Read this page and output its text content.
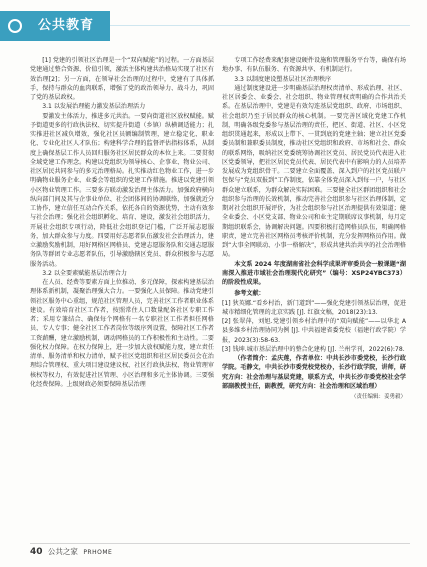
公共教育

[1] 党建的引领社区治理是一个“双向赋能”的过程。一方面基层党建通过整合资源、价值引领，激活主体构建共治格局实现了社区有效治理[2]；另一方面，在领导社会治理的过程中，党建有了具体抓手，保持与群众的血肉联系，增强了党的政治领导力、战斗力，巩固了党的基层政权。

3.1 以发展治理能力激发基层治理活力

要激发主体活力，推进多元共治。一要向街道社区放权赋能。赋予街道更多的行政执法权、切实提升街道（乡镇）纵横调适能力；扎实推进社区减负增效，强化社区员额编制管理，建立稳定化、职业化、专业化社区人才队伍；构建科学合理的监督评估指标体系，从制度上确保基层工作人员回归服务社区居民群众的本位上来。二要贯彻全域党建工作理念。构建以党组织为领导核心、企事业、物业公司、社区居民共同参与的多元治理格局。扎实推动红色物业工作，进一步明确物业服务企业、业委会等组织的党建工作措施。推进以党建引领小区物业管理工作。三要多方联动激发治理主体活力。加强政府横向纵向部门间及其与企事业单位、社会团体间的协调联络，加强就近分工协作，建立信任互动合作关系，依托各自的资源优势，主动有效参与社会治理；强化社会组织孵化、培育、建设，激发社会组织活力，开展社会组织专项行动，降低社会组织登记门槛，广泛开展志愿服务，加大群众参与力度。四要用好志愿者队伍激发社会治理活力，建立激励奖励机制，用好网格区网格员、党建志愿服务队和交通志愿服务队等群团专业志愿者队伍，引导激励辖区党员、群众积极参与志愿服务活动。

3.2 以全要素赋能基层治理合力

在人员、经费等要素方面上位推动、多元保障，探索构建基层治理体系新机制，凝聚治理强大合力。一要强化人员保障。推动党建引领社区服务中心重组，规范社区管理人员，完善社区工作者职业体系建设。有效培育社区工作者，按照常住人口数量配备社区专职工作者；采用专兼结合、确保每个网格有一名专职社区工作者担任网格员、专人专事；健全社区工作者岗位等级序列设置，保障社区工作者工资薪酬，建立激励机制，调动网格员的工作积极性和主动性。二要强化权力保障。在权力保障上，进一步加大放权赋能力度，建立责任清单、服务清单和权力清单，赋予社区党组织和社区居民委员会在治理综合管理权、重大项目建设建议权、社区行政执法权、物业管理审核权等权力，有效促进社区管理、小区治理和多元主体协调。三要强化经费保障。上级财政必须要保障基层治理

专项工作经费来配套建设硬件设施和管理服务平台等，确保有场地办事、有队伍服务、有资源共享、有机制运行。

3.3 以制度建设塑基层社区治理秩序

通过制度建设进一步明确基层治理权责清单、形成治理、社区、社区居委会、业委会、社会组织、物业管理权责明确的合作共治关系。在基层治理中，党建是有效勾连基层党组织、政府、市场组织、社会组织乃至于居民群众的核心机制。一要完善区域化党建工作机制，明确各级党委参与基层治理的责任，把区、街道、社区、小区党组织贯通起来，形成以上带下、一贯到底的党建主轴；建立社区党委委员制和兼职委员制度，推动社区党组织和政府、市场和社会、群众的联系网络，吸纳社区党委统筹协调社区党员、居民党员代表进入社区党委领导，把社区居民党员代表、居民代表中有影响力的人员培养发展成为党组织骨干。二要建立全面覆盖、深入到户的社区党员联户包保与“党员双报到”工作制度，依靠全体党员深入到每一户，与社区群众建立联系，为群众解决实际困难。三要健全社区群团组织和社会组织参与治理的长效机制，推动完善社会组织参与社区治理体制，定期对社会组织开展评价，为社会组织参与社区治理提供有效渠道；健全业委会、小区党支部、物业公司和业主定期联席议事机制，每月定期组织联系会，协调解决问题。四要积极打造网格员队伍，明确网格职责，建立完善社区网格员考核评价机制，充分发挥网格员作用。做到“大事全网联动、小事一格解决”，形成共建共治共享的社会治理格局。

本文系 2024 年度湖南省社会科学成果评审委员会一般课题“湖南深入推进市域社会治理现代化研究”（编号：XSP24YBC373）的阶段性成果。

参考文献：

[1] 狄英娜.“看乡村治，新门道到”——强化党建引领基层治理，促进城市精细化管理的北京实践 [J]. 红旗文稿，2018(23):13.

[2] 张翠萍，刘旭.党建引领乡村治理中的“双向赋能”——以华北 A 县多维乡村治理协同为例 [J]. 中共福建省委党校（福建行政学院）学报，2023(3):58-63.

[3] 钱坤.城市基层治理中的整合化建构 [J]. 兰州学刊，2022(6):78.

（作者简介：孟庆莲，作者单位：中共长沙市委党校，长沙行政学院。毛静文，中共长沙市委党校党校办，长沙行政学院，讲师，研究方向：社会治理与基层党建，联系方式，中共长沙市委党校社会学部副教授主任，副教授，研究方向：社会治理和区域治理）

（责任编辑：姜勇毅）

40 公共之家 PRHOME
